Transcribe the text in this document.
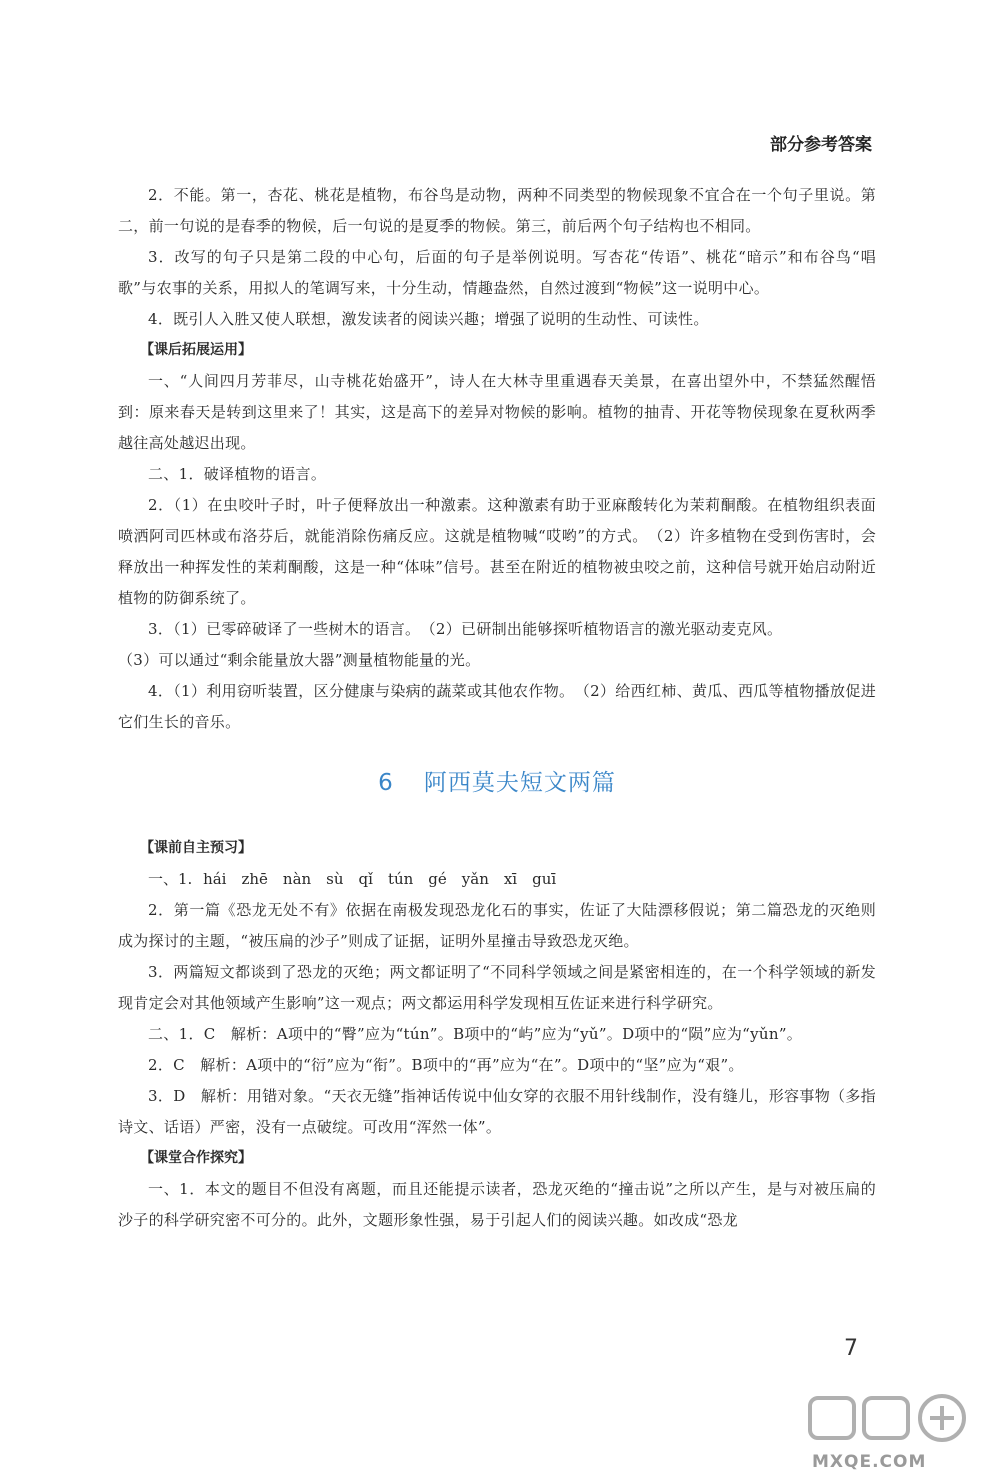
部分参考答案

2．不能。第一，杏花、桃花是植物，布谷鸟是动物，两种不同类型的物候现象不宜合在一个句子里说。第二，前一句说的是春季的物候，后一句说的是夏季的物候。第三，前后两个句子结构也不相同。

3．改写的句子只是第二段的中心句，后面的句子是举例说明。写杏花“传语”、桃花“暗示”和布谷鸟“唱歌”与农事的关系，用拟人的笔调写来，十分生动，情趣盎然，自然过渡到“物候”这一说明中心。

4．既引人入胜又使人联想，激发读者的阅读兴趣；增强了说明的生动性、可读性。

【课后拓展运用】

一、“人间四月芳菲尽，山寺桃花始盛开”，诗人在大林寺里重遇春天美景，在喜出望外中，不禁猛然醒悟到：原来春天是转到这里来了！其实，这是高下的差异对物候的影响。植物的抽青、开花等物侯现象在夏秋两季越往高处越迟出现。

二、1．破译植物的语言。

2．（1）在虫咬叶子时，叶子便释放出一种激素。这种激素有助于亚麻酸转化为茉莉酮酸。在植物组织表面喷洒阿司匹林或布洛芬后，就能消除伤痛反应。这就是植物喊“哎哟”的方式。　（2）许多植物在受到伤害时，会释放出一种挥发性的茉莉酮酸，这是一种“体味”信号。甚至在附近的植物被虫咬之前，这种信号就开始启动附近植物的防御系统了。

3．（1）已零碎破译了一些树木的语言。　（2）已研制出能够探听植物语言的激光驱动麦克风。

（3）可以通过“剩余能量放大器”测量植物能量的光。

4．（1）利用窃听装置，区分健康与染病的蔬菜或其他农作物。　（2）给西红柿、黄瓜、西瓜等植物播放促进它们生长的音乐。

6 阿西莫夫短文两篇

【课前自主预习】

一、1. hái　zhē　nàn　sù　qǐ　tún　gé　yǎn　xī　guī

2．第一篇《恐龙无处不有》依据在南极发现恐龙化石的事实，佐证了大陆漂移假说；第二篇恐龙的灭绝则成为探讨的主题，“被压扁的沙子”则成了证据，证明外星撞击导致恐龙灭绝。

3．两篇短文都谈到了恐龙的灭绝；两文都证明了“不同科学领域之间是紧密相连的，在一个科学领域的新发现肯定会对其他领域产生影响”这一观点；两文都运用科学发现相互佐证来进行科学研究。

二、1．C　解析：A项中的“臀”应为“tún”。B项中的“屿”应为“yǔ”。D项中的“陨”应为“yǔn”。

2．C　解析：A项中的“衍”应为“衔”。B项中的“再”应为“在”。D项中的“坚”应为“艰”。

3．D　解析：用错对象。“天衣无缝”指神话传说中仙女穿的衣服不用针线制作，没有缝儿，形容事物（多指诗文、话语）严密，没有一点破绽。可改用“浑然一体”。

【课堂合作探究】

一、1．本文的题目不但没有离题，而且还能提示读者，恐龙灭绝的“撞击说”之所以产生，是与对被压扁的沙子的科学研究密不可分的。此外，文题形象性强，易于引起人们的阅读兴趣。如改成“恐龙

7
MXQE.COM
